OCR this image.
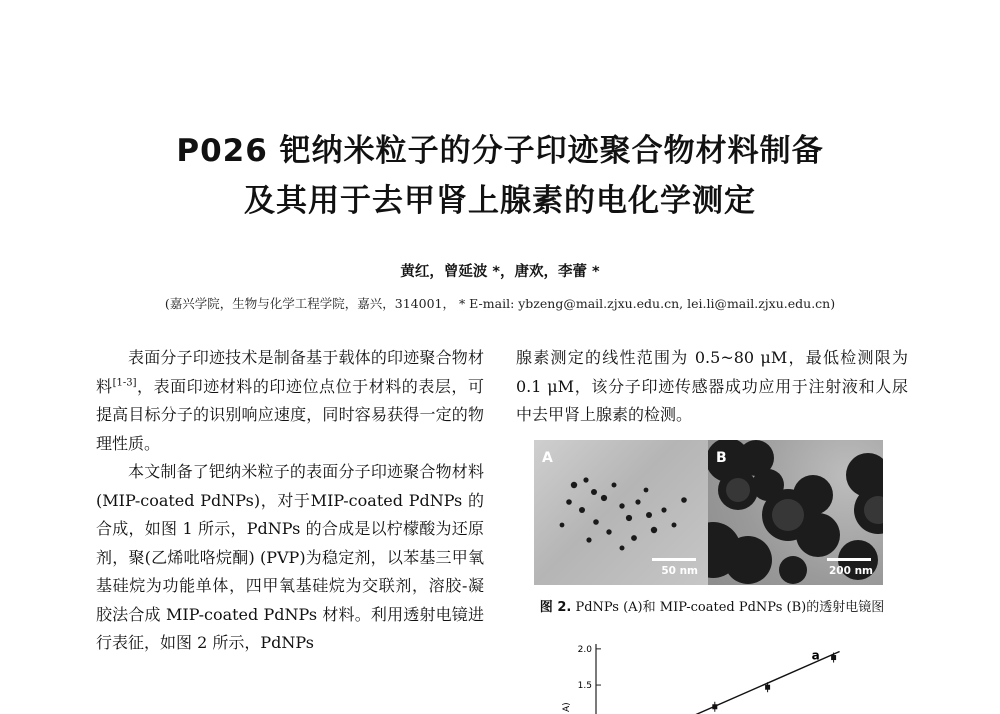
P026 钯纳米粒子的分子印迹聚合物材料制备
及其用于去甲肾上腺素的电化学测定
黄红，曾延波 *，唐欢，李蕾 *
(嘉兴学院，生物与化学工程学院，嘉兴，314001， * E-mail: ybzeng@mail.zjxu.edu.cn, lei.li@mail.zjxu.edu.cn)

表面分子印迹技术是制备基于载体的印迹聚合物材料[1-3]，表面印迹材料的印迹位点位于材料的表层，可提高目标分子的识别响应速度，同时容易获得一定的物理性质。

本文制备了钯纳米粒子的表面分子印迹聚合物材料 (MIP-coated PdNPs)，对于MIP-coated PdNPs 的合成，如图 1 所示，PdNPs 的合成是以柠檬酸为还原剂，聚(乙烯吡咯烷酮) (PVP)为稳定剂，以苯基三甲氧基硅烷为功能单体，四甲氧基硅烷为交联剂，溶胶-凝胶法合成 MIP-coated PdNPs 材料。利用透射电镜进行表征，如图 2 所示，PdNPs

腺素测定的线性范围为 0.5~80 μM，最低检测限为 0.1 μM，该分子印迹传感器成功应用于注射液和人尿中去甲肾上腺素的检测。

A
50 nm
B
200 nm
图 2. PdNPs (A)和 MIP-coated PdNPs (B)的透射电镜图
2.0
1.5
A)
a
